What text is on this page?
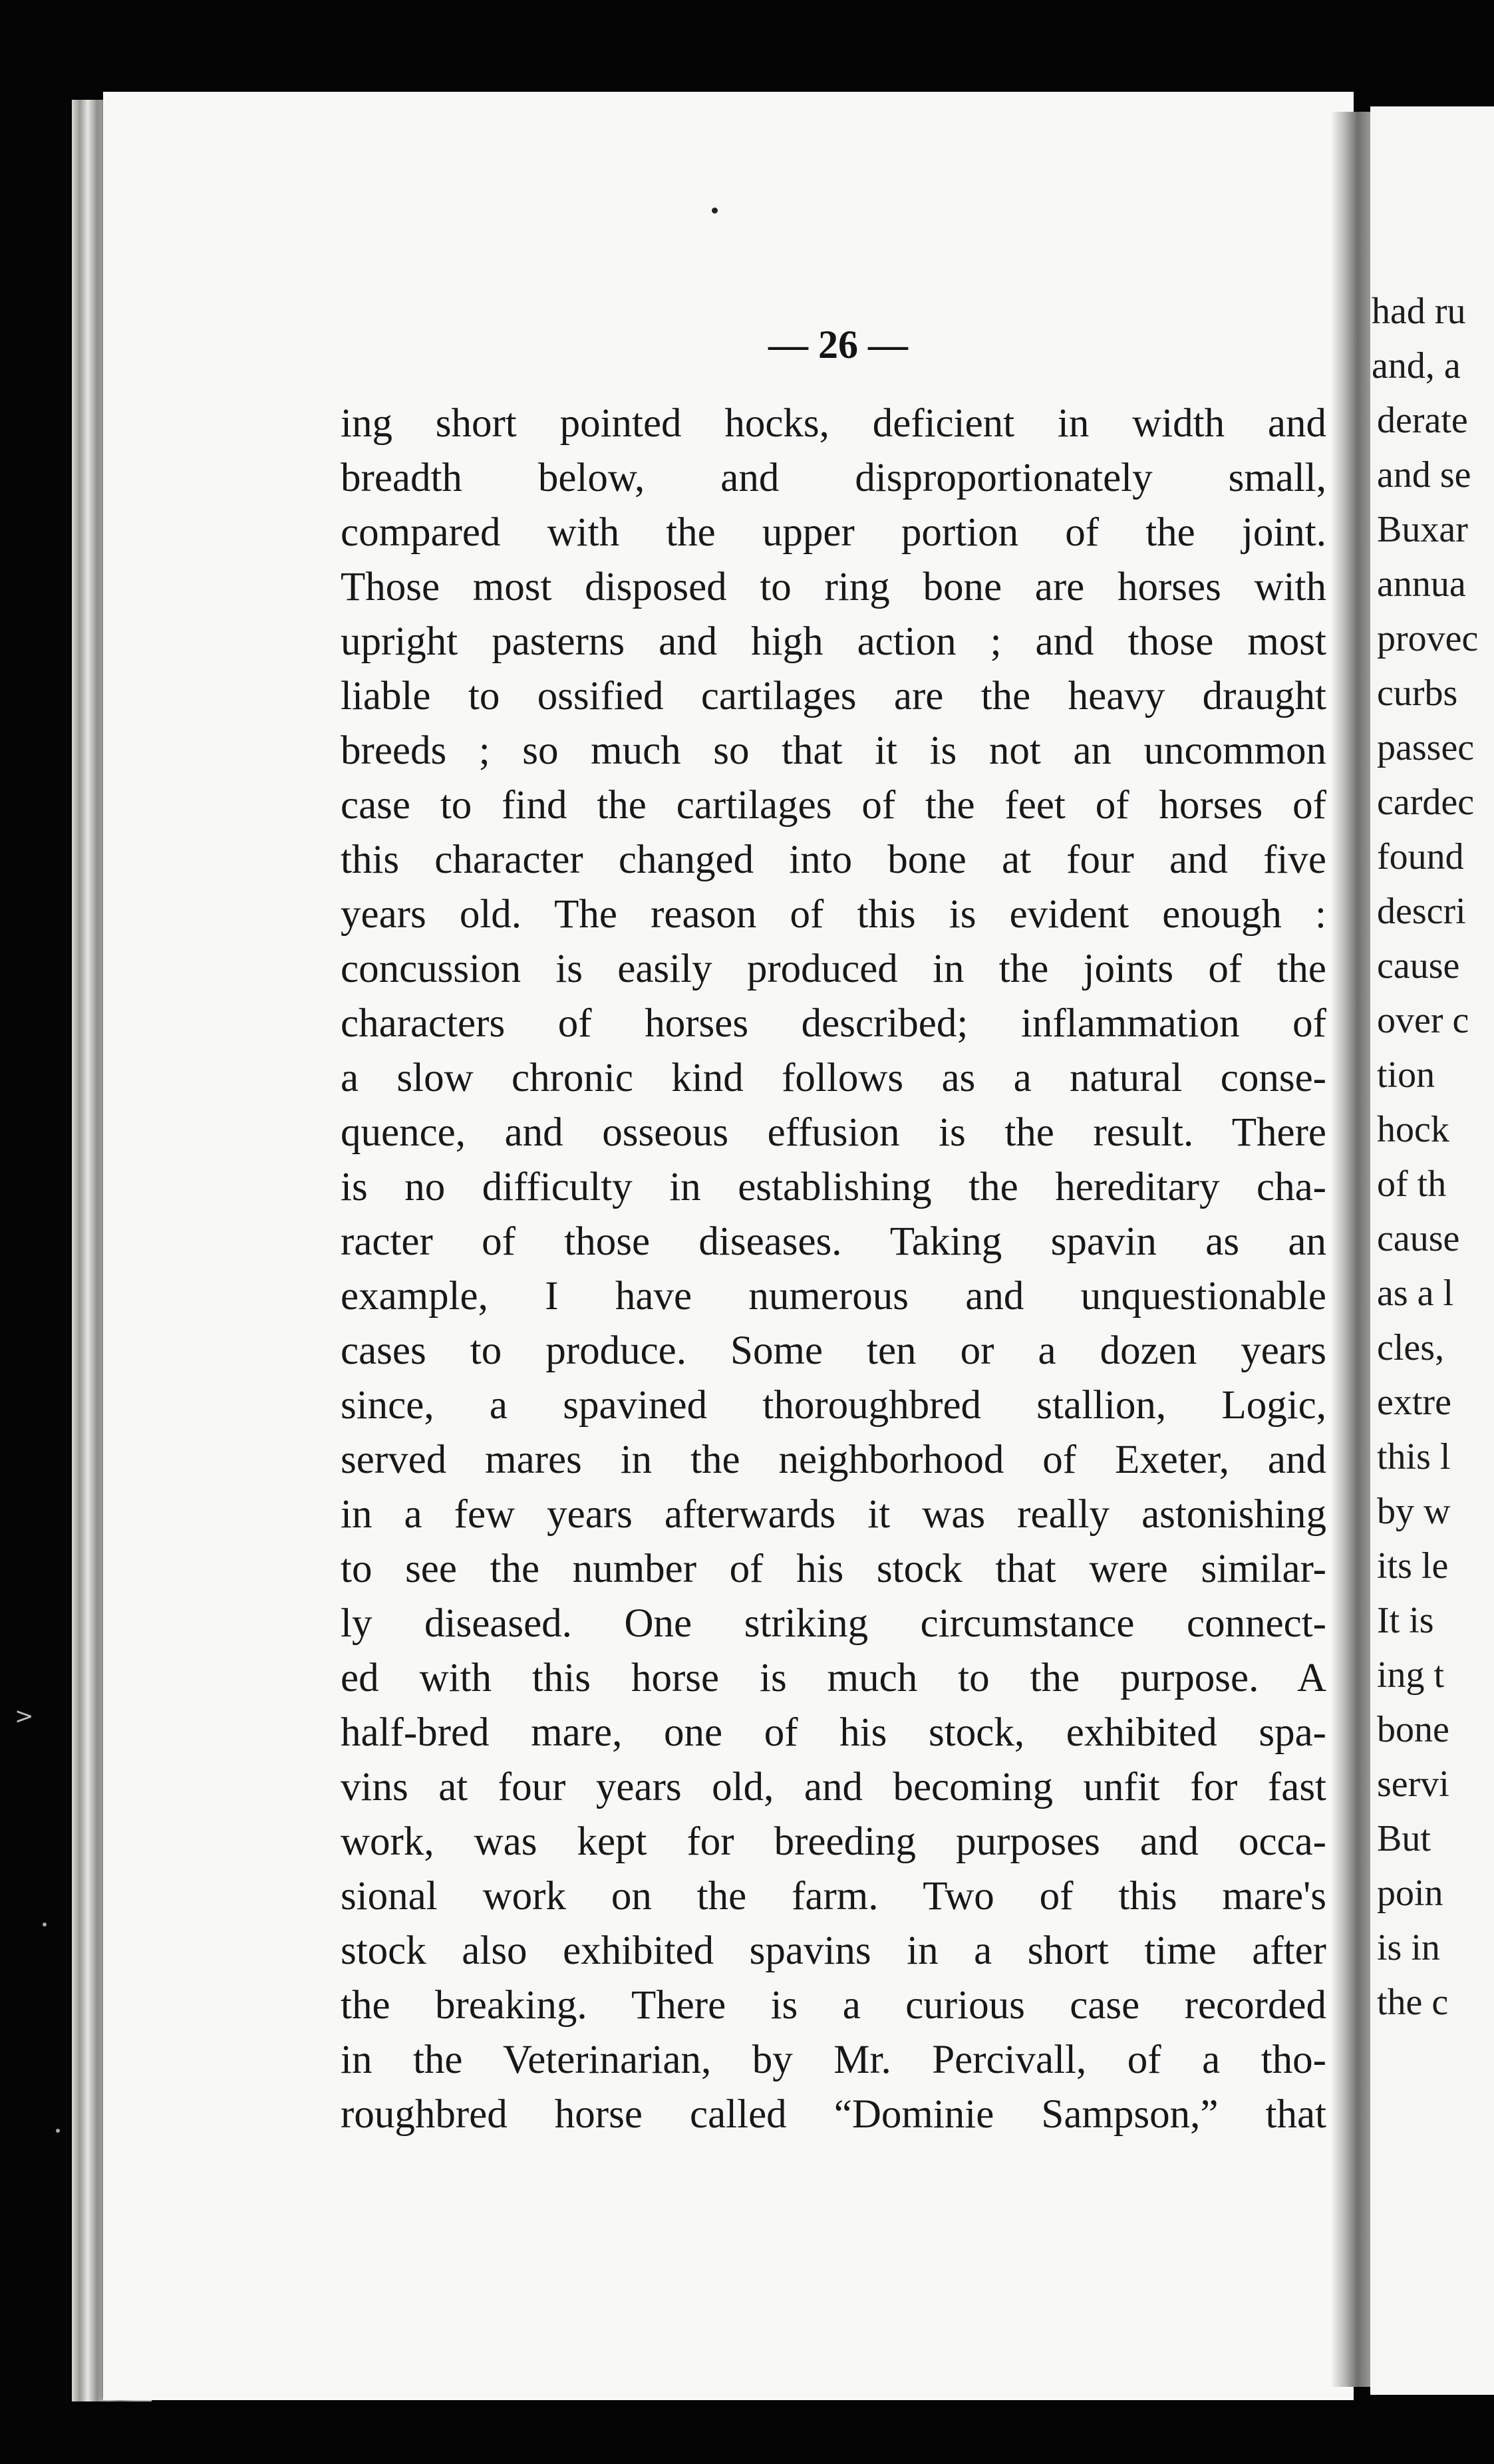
had ru
and, a
derate
and se
Buxar
annua
provec
curbs
passec
cardec
found
descri
cause
over c
tion
hock
of th
cause
as a l
cles,
extre
this l
by w
its le
It is
ing t
bone
servi
But
poin
is in
the c
— 26 —
ing short pointed hocks, deficient in width and
breadth below, and disproportionately small,
compared with the upper portion of the joint.
Those most disposed to ring bone are horses with
upright pasterns and high action ; and those most
liable to ossified cartilages are the heavy draught
breeds ; so much so that it is not an uncommon
case to find the cartilages of the feet of horses of
this character changed into bone at four and five
years old. The reason of this is evident enough :
concussion is easily produced in the joints of the
characters of horses described; inflammation of
a slow chronic kind follows as a natural conse-
quence, and osseous effusion is the result. There
is no difficulty in establishing the hereditary cha-
racter of those diseases. Taking spavin as an
example, I have numerous and unquestionable
cases to produce. Some ten or a dozen years
since, a spavined thoroughbred stallion, Logic,
served mares in the neighborhood of Exeter, and
in a few years afterwards it was really astonishing
to see the number of his stock that were similar-
ly diseased. One striking circumstance connect-
ed with this horse is much to the purpose. A
half-bred mare, one of his stock, exhibited spa-
vins at four years old, and becoming unfit for fast
work, was kept for breeding purposes and occa-
sional work on the farm. Two of this mare's
stock also exhibited spavins in a short time after
the breaking. There is a curious case recorded
in the Veterinarian, by Mr. Percivall, of a tho-
roughbred horse called “Dominie Sampson,” that
>
